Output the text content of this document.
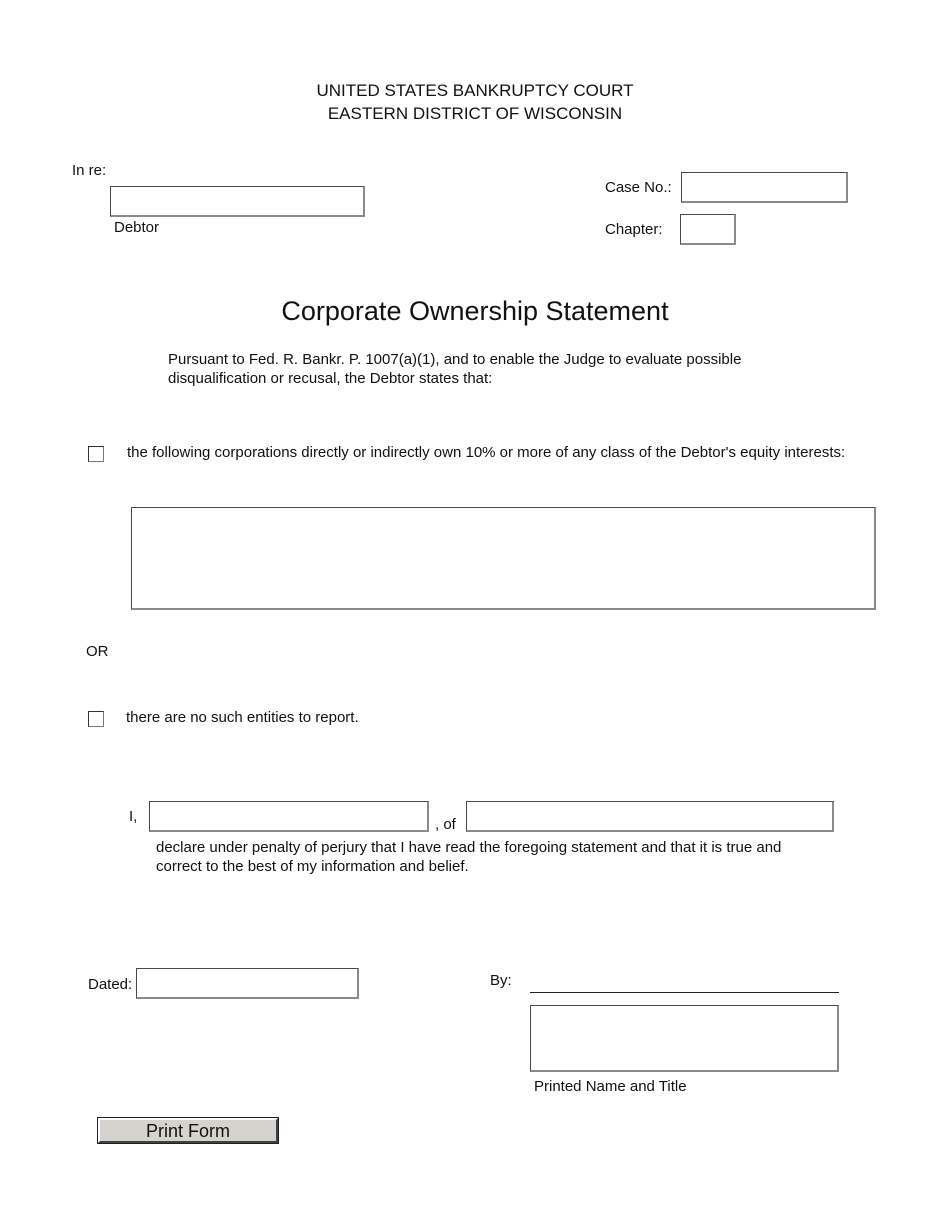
UNITED STATES BANKRUPTCY COURT
EASTERN DISTRICT OF WISCONSIN
In re:
Debtor
Case No.:
Chapter:
Corporate Ownership Statement
Pursuant to Fed. R. Bankr. P. 1007(a)(1), and to enable the Judge to evaluate possible
disqualification or recusal, the Debtor states that:
the following corporations directly or indirectly own 10% or more of any class of the Debtor's equity interests:
OR
there are no such entities to report.
I,	, of
declare under penalty of perjury that I have read the foregoing statement and that it is true and
correct to the best of my information and belief.
Dated:	By:
Printed Name and Title
Print Form
